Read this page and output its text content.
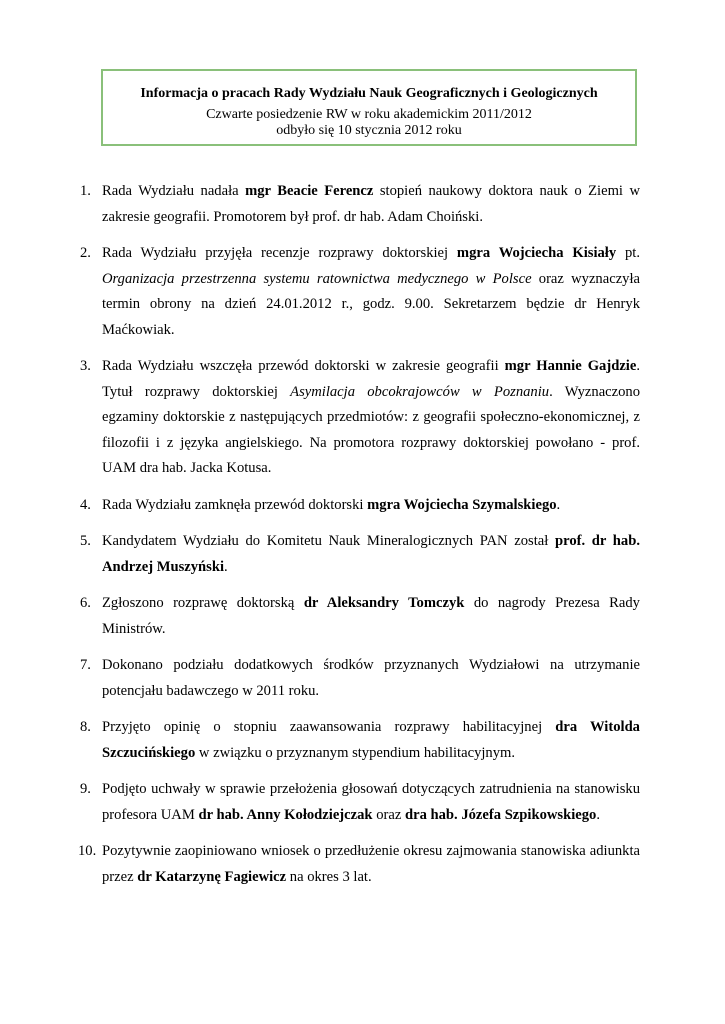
Informacja o pracach Rady Wydziału Nauk Geograficznych i Geologicznych
Czwarte posiedzenie RW w roku akademickim 2011/2012
odbyło się 10 stycznia 2012 roku
1. Rada Wydziału nadała mgr Beacie Ferencz stopień naukowy doktora nauk o Ziemi w zakresie geografii. Promotorem był prof. dr hab. Adam Choiński.
2. Rada Wydziału przyjęła recenzje rozprawy doktorskiej mgra Wojciecha Kisiały pt. Organizacja przestrzenna systemu ratownictwa medycznego w Polsce oraz wyznaczyła termin obrony na dzień 24.01.2012 r., godz. 9.00. Sekretarzem będzie dr Henryk Maćkowiak.
3. Rada Wydziału wszczęła przewód doktorski w zakresie geografii mgr Hannie Gajdzie. Tytuł rozprawy doktorskiej Asymilacja obcokrajowców w Poznaniu. Wyznaczono egzaminy doktorskie z następujących przedmiotów: z geografii społeczno-ekonomicznej, z filozofii i z języka angielskiego. Na promotora rozprawy doktorskiej powołano - prof. UAM dra hab. Jacka Kotusa.
4. Rada Wydziału zamknęła przewód doktorski mgra Wojciecha Szymalskiego.
5. Kandydatem Wydziału do Komitetu Nauk Mineralogicznych PAN został prof. dr hab. Andrzej Muszyński.
6. Zgłoszono rozprawę doktorską dr Aleksandry Tomczyk do nagrody Prezesa Rady Ministrów.
7. Dokonano podziału dodatkowych środków przyznanych Wydziałowi na utrzymanie potencjału badawczego w 2011 roku.
8. Przyjęto opinię o stopniu zaawansowania rozprawy habilitacyjnej dra Witolda Szczucińskiego w związku o przyznanym stypendium habilitacyjnym.
9. Podjęto uchwały w sprawie przełożenia głosowań dotyczących zatrudnienia na stanowisku profesora UAM dr hab. Anny Kołodziejczak oraz dra hab. Józefa Szpikowskiego.
10. Pozytywnie zaopiniowano wniosek o przedłużenie okresu zajmowania stanowiska adiunkta przez dr Katarzynę Fagiewicz na okres 3 lat.
